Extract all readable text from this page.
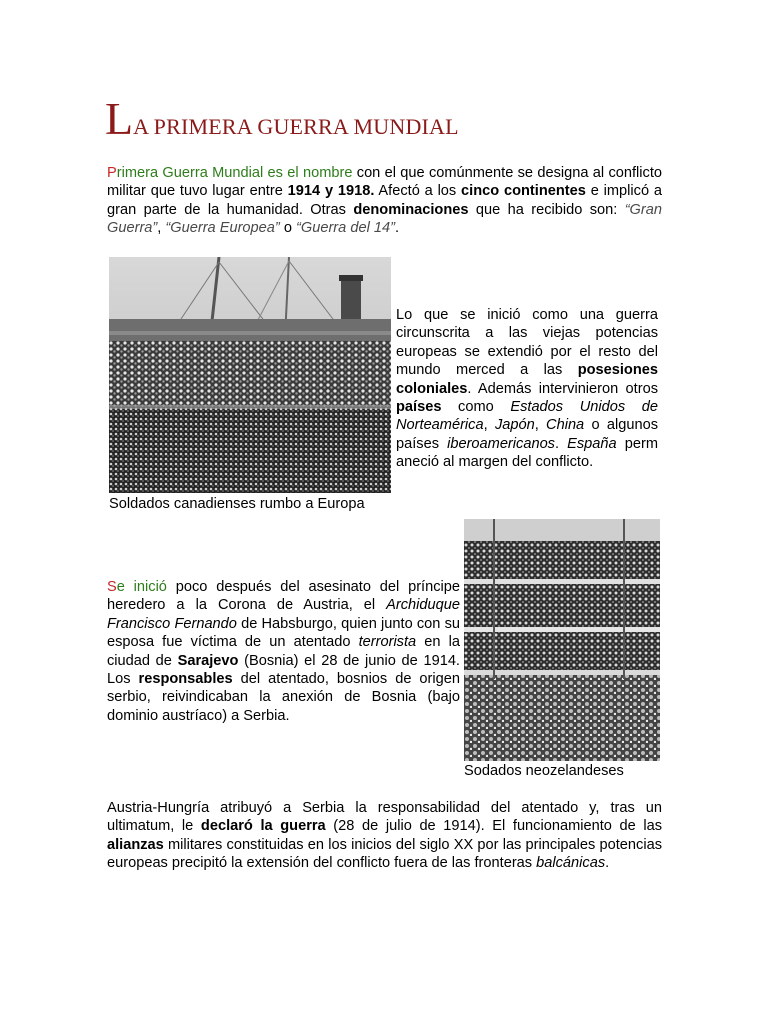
LA PRIMERA GUERRA MUNDIAL
Primera Guerra Mundial es el nombre con el que comúnmente se designa al conflicto militar que tuvo lugar entre 1914 y 1918. Afectó a los cinco continentes e implicó a gran parte de la humanidad. Otras denominaciones que ha recibido son: “Gran Guerra”, “Guerra Europea” o “Guerra del 14”.
Soldados canadienses rumbo a Europa
Lo que se inició como una guerra circunscrita a las viejas potencias europeas se extendió por el resto del mundo merced a las posesiones coloniales. Además intervinieron otros países como Estados Unidos de Norteamérica, Japón, China o algunos países iberoamericanos. España perm aneció al margen del conflicto.
Sodados neozelandeses
Se inició poco después del asesinato del príncipe heredero a la Corona de Austria, el Archiduque Francisco Fernando de Habsburgo, quien junto con su esposa fue víctima de un atentado terrorista en la ciudad de Sarajevo (Bosnia) el 28 de junio de 1914. Los responsables del atentado, bosnios de origen serbio, reivindicaban la anexión de Bosnia (bajo dominio austríaco) a Serbia.
Austria-Hungría atribuyó a Serbia la responsabilidad del atentado y, tras un ultimatum, le declaró la guerra (28 de julio de 1914). El funcionamiento de las alianzas militares constituidas en los inicios del siglo XX por las principales potencias europeas precipitó la extensión del conflicto fuera de las fronteras balcánicas.
